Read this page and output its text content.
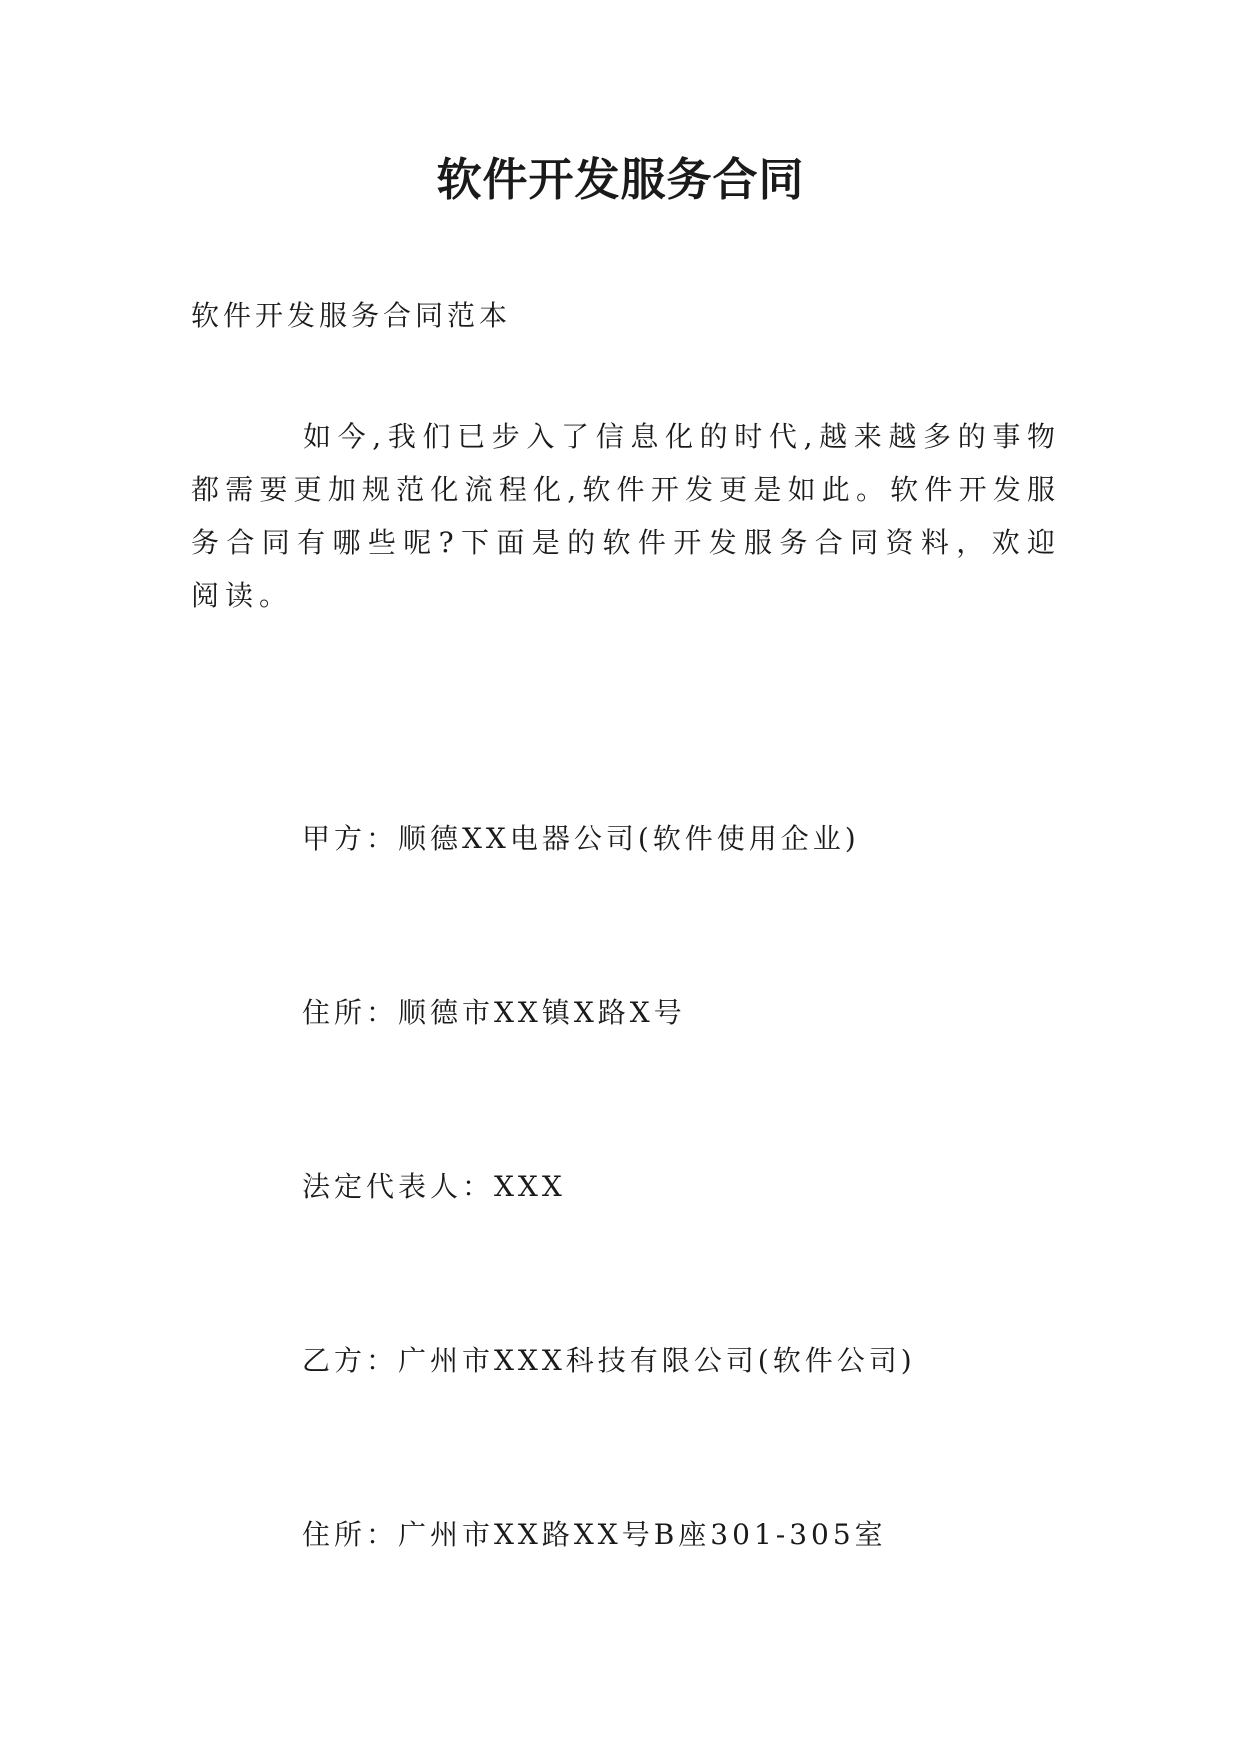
软件开发服务合同

软件开发服务合同范本

如今,我们已步入了信息化的时代,越来越多的事物都需要更加规范化流程化,软件开发更是如此。软件开发服务合同有哪些呢?下面是的软件开发服务合同资料，欢迎阅读。

甲方：顺德XX电器公司(软件使用企业)

住所：顺德市XX镇X路X号

法定代表人：XXX

乙方：广州市XXX科技有限公司(软件公司)

住所：广州市XX路XX号B座301-305室
